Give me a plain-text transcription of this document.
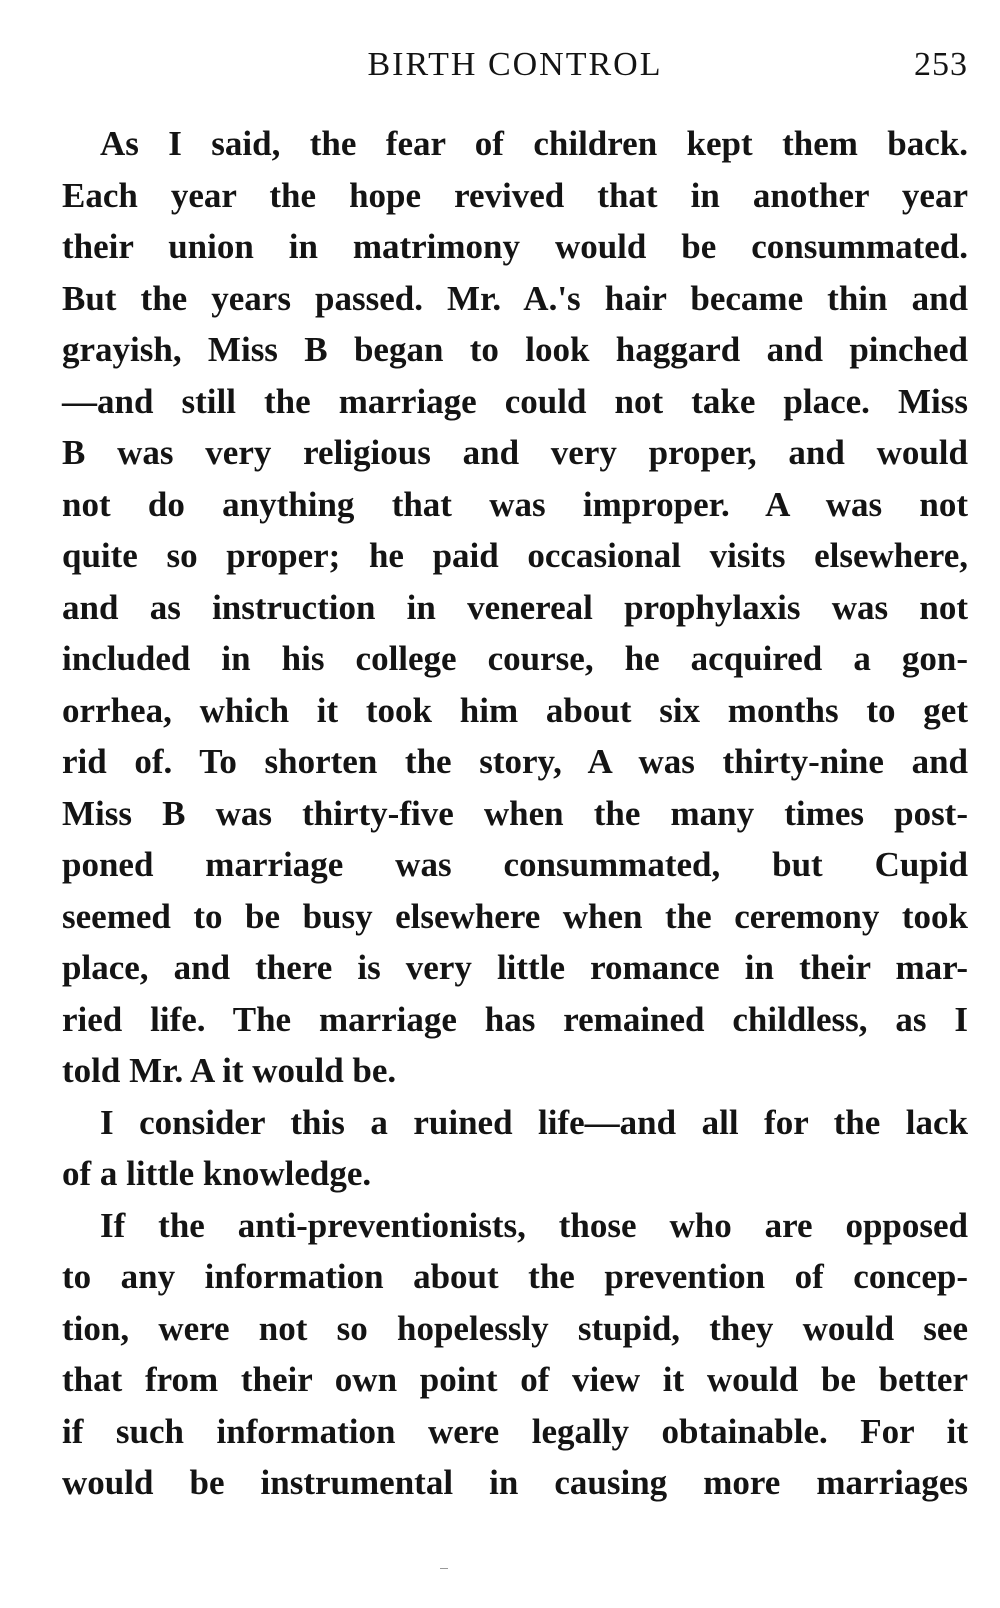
BIRTH CONTROL	253
As I said, the fear of children kept them back.
Each year the hope revived that in another year
their union in matrimony would be consummated.
But the years passed. Mr. A.'s hair became thin and
grayish, Miss B began to look haggard and pinched
—and still the marriage could not take place. Miss
B was very religious and very proper, and would
not do anything that was improper. A was not
quite so proper; he paid occasional visits elsewhere,
and as instruction in venereal prophylaxis was not
included in his college course, he acquired a gon-
orrhea, which it took him about six months to get
rid of. To shorten the story, A was thirty-nine and
Miss B was thirty-five when the many times post-
poned marriage was consummated, but Cupid
seemed to be busy elsewhere when the ceremony took
place, and there is very little romance in their mar-
ried life. The marriage has remained childless, as I
told Mr. A it would be.
I consider this a ruined life—and all for the lack
of a little knowledge.
If the anti-preventionists, those who are opposed
to any information about the prevention of concep-
tion, were not so hopelessly stupid, they would see
that from their own point of view it would be better
if such information were legally obtainable. For it
would be instrumental in causing more marriages
